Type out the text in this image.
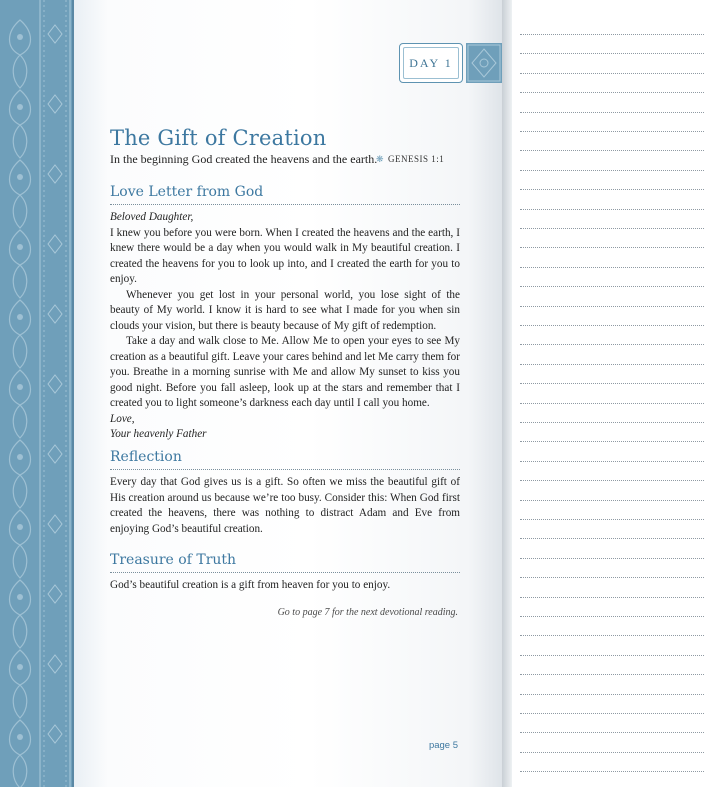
DAY 1
The Gift of Creation
In the beginning God created the heavens and the earth.
❋ GENESIS 1:1
Love Letter from God

Beloved Daughter,

I knew you before you were born. When I created the heavens and the earth, I knew there would be a day when you would walk in My beautiful creation. I created the heavens for you to look up into, and I created the earth for you to enjoy.

Whenever you get lost in your personal world, you lose sight of the beauty of My world. I know it is hard to see what I made for you when sin clouds your vision, but there is beauty because of My gift of redemption.

Take a day and walk close to Me. Allow Me to open your eyes to see My creation as a beautiful gift. Leave your cares behind and let Me carry them for you. Breathe in a morning sunrise with Me and allow My sunset to kiss you good night. Before you fall asleep, look up at the stars and remember that I created you to light someone’s darkness each day until I call you home.

Love,

Your heavenly Father

Reflection

Every day that God gives us is a gift. So often we miss the beautiful gift of His creation around us because we’re too busy. Consider this: When God first created the heavens, there was nothing to distract Adam and Eve from enjoying God’s beautiful creation.

Treasure of Truth

God’s beautiful creation is a gift from heaven for you to enjoy.

Go to page 7 for the next devotional reading.
page 5
